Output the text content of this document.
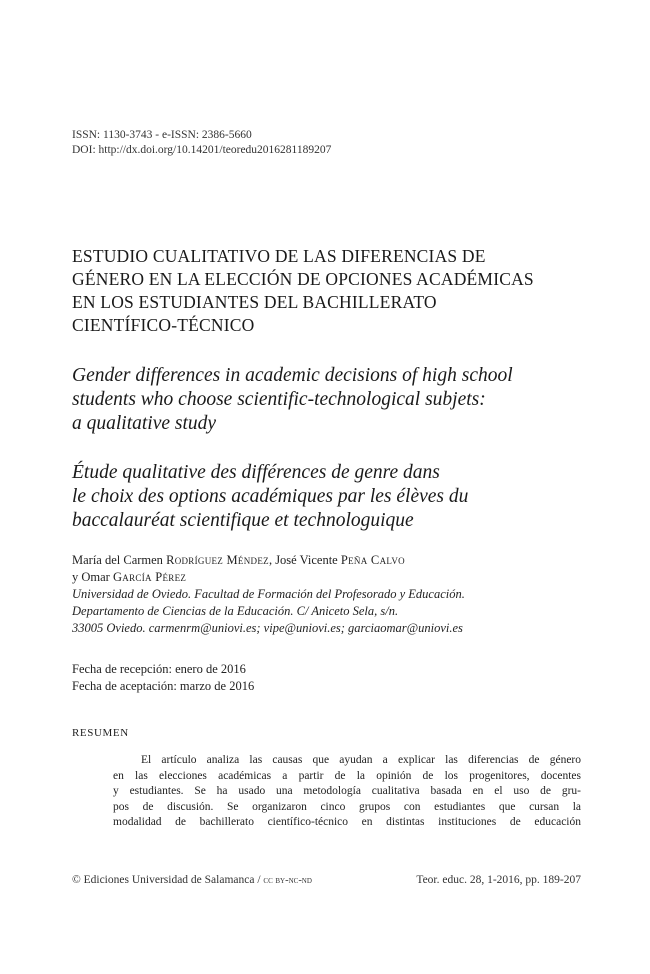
ISSN: 1130-3743 - e-ISSN: 2386-5660
DOI: http://dx.doi.org/10.14201/teoredu2016281189207
ESTUDIO CUALITATIVO DE LAS DIFERENCIAS DE
GÉNERO EN LA ELECCIÓN DE OPCIONES ACADÉMICAS
EN LOS ESTUDIANTES DEL BACHILLERATO
CIENTÍFICO-TÉCNICO
Gender differences in academic decisions of high school
students who choose scientific-technological subjets:
a qualitative study
Étude qualitative des différences de genre dans
le choix des options académiques par les élèves du
baccalauréat scientifique et technologuique
María del Carmen Rodríguez Méndez, José Vicente Peña Calvo
y Omar García Pérez
Universidad de Oviedo. Facultad de Formación del Profesorado y Educación.
Departamento de Ciencias de la Educación. C/ Aniceto Sela, s/n.
33005 Oviedo. carmenrm@uniovi.es; vipe@uniovi.es; garciaomar@uniovi.es
Fecha de recepción: enero de 2016
Fecha de aceptación: marzo de 2016
RESUMEN
El artículo analiza las causas que ayudan a explicar las diferencias de género
en las elecciones académicas a partir de la opinión de los progenitores, docentes
y estudiantes. Se ha usado una metodología cualitativa basada en el uso de gru-
pos de discusión. Se organizaron cinco grupos con estudiantes que cursan la
modalidad de bachillerato científico-técnico en distintas instituciones de educación
© Ediciones Universidad de Salamanca / cc by-nc-nd	Teor. educ. 28, 1-2016, pp. 189-207
